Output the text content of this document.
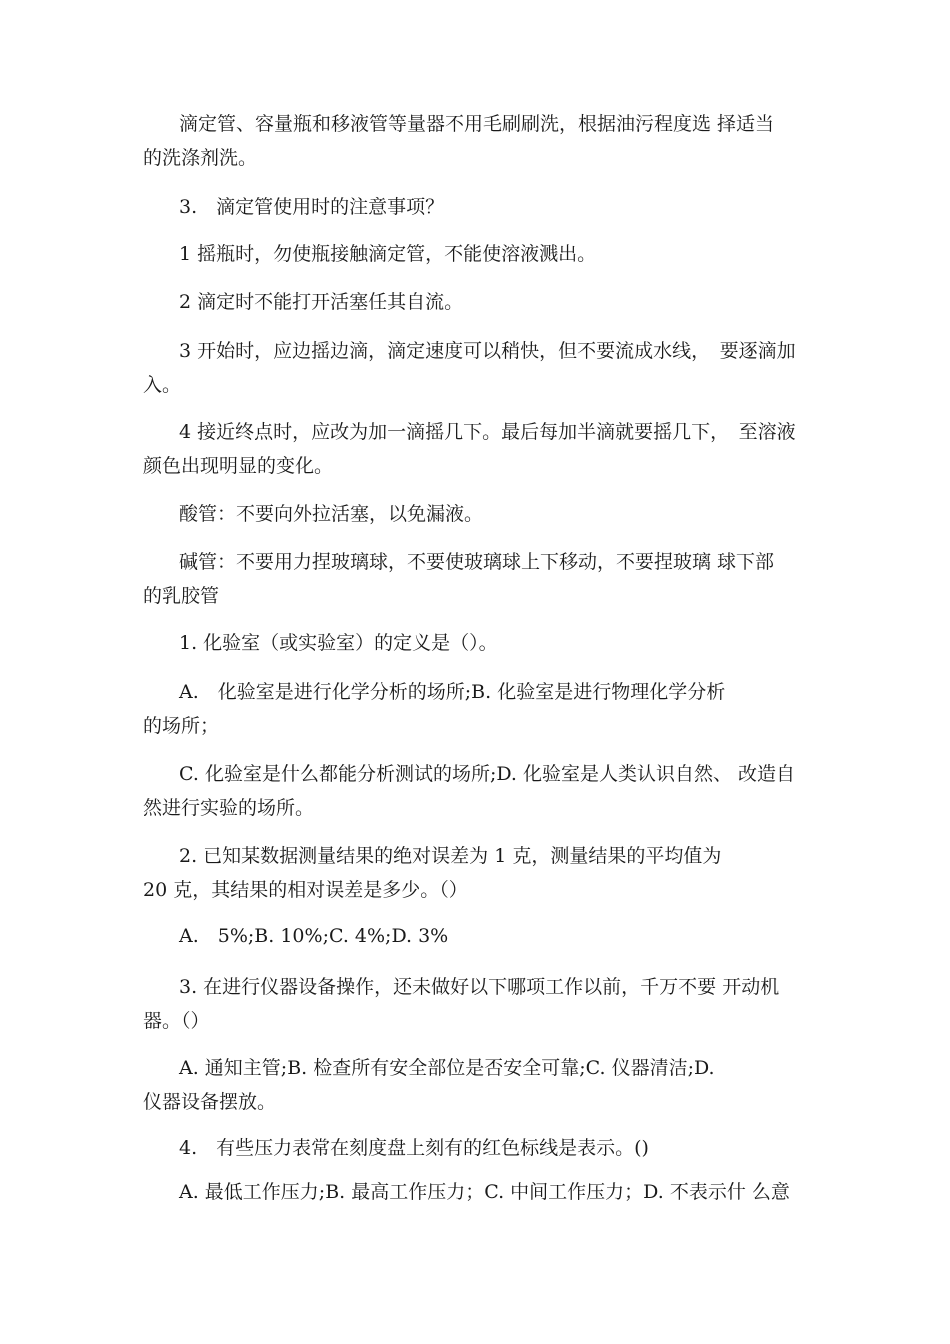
滴定管、容量瓶和移液管等量器不用毛刷刷洗，根据油污程度选 择适当
的洗涤剂洗。
3.　滴定管使用时的注意事项？
1 摇瓶时，勿使瓶接触滴定管，不能使溶液溅出。
2 滴定时不能打开活塞任其自流。
3 开始时，应边摇边滴，滴定速度可以稍快，但不要流成水线，　要逐滴加
入。
4 接近终点时，应改为加一滴摇几下。最后每加半滴就要摇几下，　至溶液
颜色出现明显的变化。
酸管：不要向外拉活塞，以免漏液。
碱管：不要用力捏玻璃球，不要使玻璃球上下移动，不要捏玻璃 球下部
的乳胶管
1. 化验室（或实验室）的定义是（）。
A.　化验室是进行化学分析的场所;B. 化验室是进行物理化学分析
的场所；
C. 化验室是什么都能分析测试的场所;D. 化验室是人类认识自然、 改造自
然进行实验的场所。
2. 已知某数据测量结果的绝对误差为 1 克，测量结果的平均值为
20 克，其结果的相对误差是多少。（）
A.　5%;B. 10%;C. 4%;D. 3%
3. 在进行仪器设备操作，还未做好以下哪项工作以前，千万不要 开动机
器。（）
A. 通知主管;B. 检查所有安全部位是否安全可靠;C. 仪器清洁;D.
仪器设备摆放。
4.　有些压力表常在刻度盘上刻有的红色标线是表示。()
A. 最低工作压力;B. 最高工作压力；C. 中间工作压力；D. 不表示什 么意
